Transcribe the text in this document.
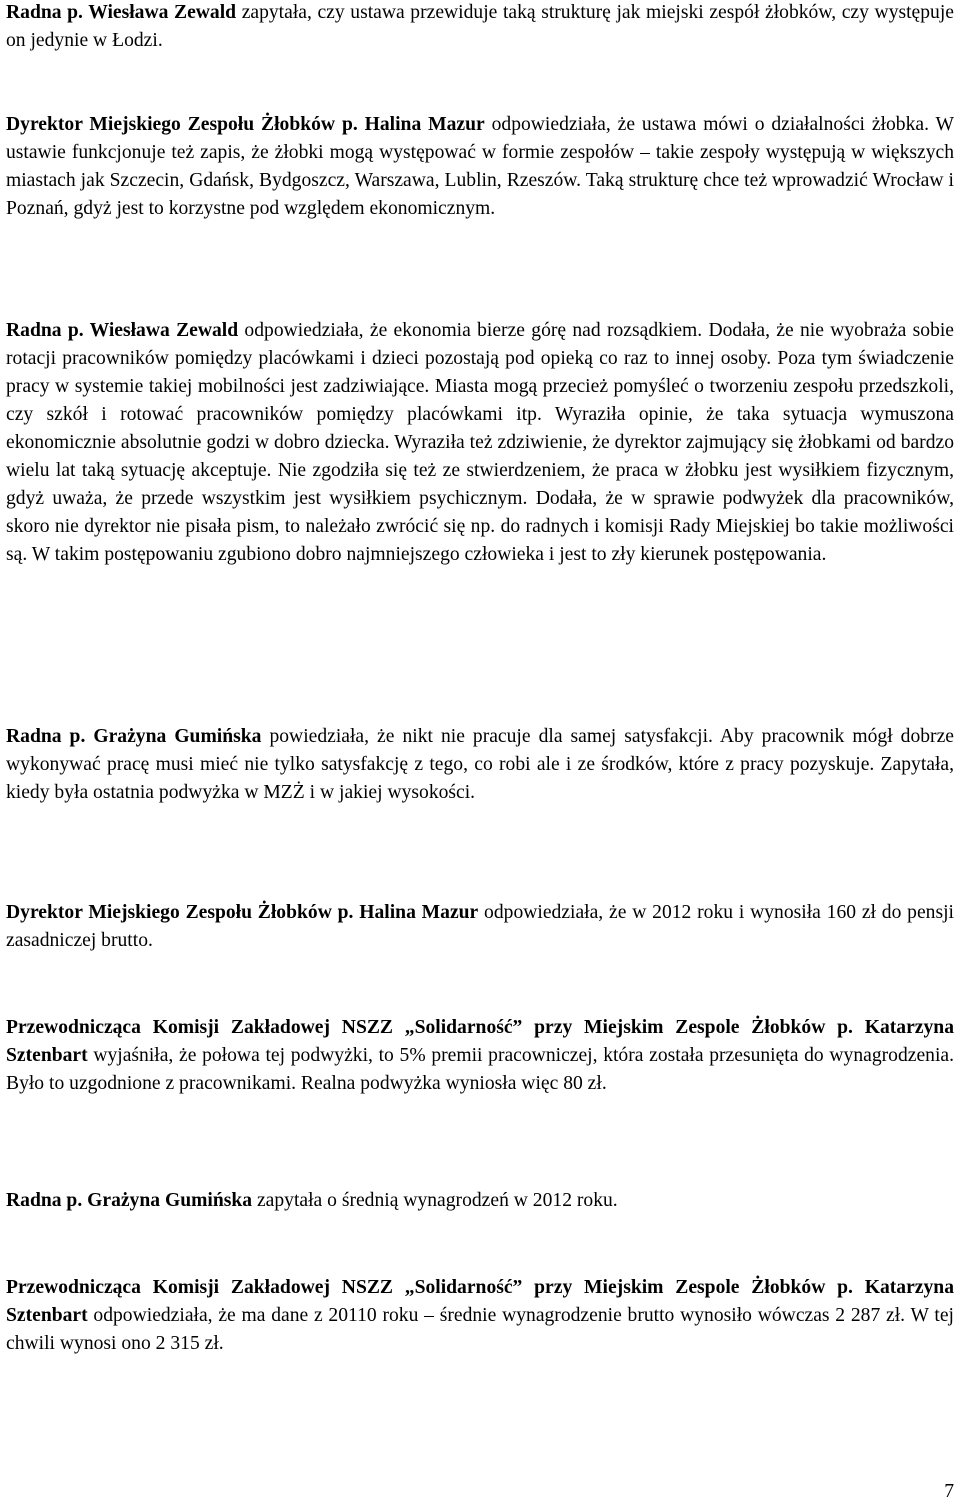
Radna p. Wiesława Zewald zapytała, czy ustawa przewiduje taką strukturę jak miejski zespół żłobków, czy występuje on jedynie w Łodzi.

Dyrektor Miejskiego Zespołu Żłobków p. Halina Mazur odpowiedziała, że ustawa mówi o działalności żłobka. W ustawie funkcjonuje też zapis, że żłobki mogą występować w formie zespołów – takie zespoły występują w większych miastach jak Szczecin, Gdańsk, Bydgoszcz, Warszawa, Lublin, Rzeszów. Taką strukturę chce też wprowadzić Wrocław i Poznań, gdyż jest to korzystne pod względem ekonomicznym.

Radna p. Wiesława Zewald odpowiedziała, że ekonomia bierze górę nad rozsądkiem. Dodała, że nie wyobraża sobie rotacji pracowników pomiędzy placówkami i dzieci pozostają pod opieką co raz to innej osoby. Poza tym świadczenie pracy w systemie takiej mobilności jest zadziwiające. Miasta mogą przecież pomyśleć o tworzeniu zespołu przedszkoli, czy szkół i rotować pracowników pomiędzy placówkami itp. Wyraziła opinie, że taka sytuacja wymuszona ekonomicznie absolutnie godzi w dobro dziecka. Wyraziła też zdziwienie, że dyrektor zajmujący się żłobkami od bardzo wielu lat taką sytuację akceptuje. Nie zgodziła się też ze stwierdzeniem, że praca w żłobku jest wysiłkiem fizycznym, gdyż uważa, że przede wszystkim jest wysiłkiem psychicznym. Dodała, że w sprawie podwyżek dla pracowników, skoro nie dyrektor nie pisała pism, to należało zwrócić się np. do radnych i komisji Rady Miejskiej bo takie możliwości są. W takim postępowaniu zgubiono dobro najmniejszego człowieka i jest to zły kierunek postępowania.

Radna p. Grażyna Gumińska powiedziała, że nikt nie pracuje dla samej satysfakcji. Aby pracownik mógł dobrze wykonywać pracę musi mieć nie tylko satysfakcję z tego, co robi ale i ze środków, które z pracy pozyskuje. Zapytała, kiedy była ostatnia podwyżka w MZŻ i w jakiej wysokości.

Dyrektor Miejskiego Zespołu Żłobków p. Halina Mazur odpowiedziała, że w 2012 roku i wynosiła 160 zł do pensji zasadniczej brutto.

Przewodnicząca Komisji Zakładowej NSZZ „Solidarność” przy Miejskim Zespole Żłobków p. Katarzyna Sztenbart wyjaśniła, że połowa tej podwyżki, to 5% premii pracowniczej, która została przesunięta do wynagrodzenia. Było to uzgodnione z pracownikami. Realna podwyżka wyniosła więc 80 zł.

Radna p. Grażyna Gumińska zapytała o średnią wynagrodzeń w 2012 roku.

Przewodnicząca Komisji Zakładowej NSZZ „Solidarność” przy Miejskim Zespole Żłobków p. Katarzyna Sztenbart odpowiedziała, że ma dane z 20110 roku – średnie wynagrodzenie brutto wynosiło wówczas 2 287 zł. W tej chwili wynosi ono 2 315 zł.

7
